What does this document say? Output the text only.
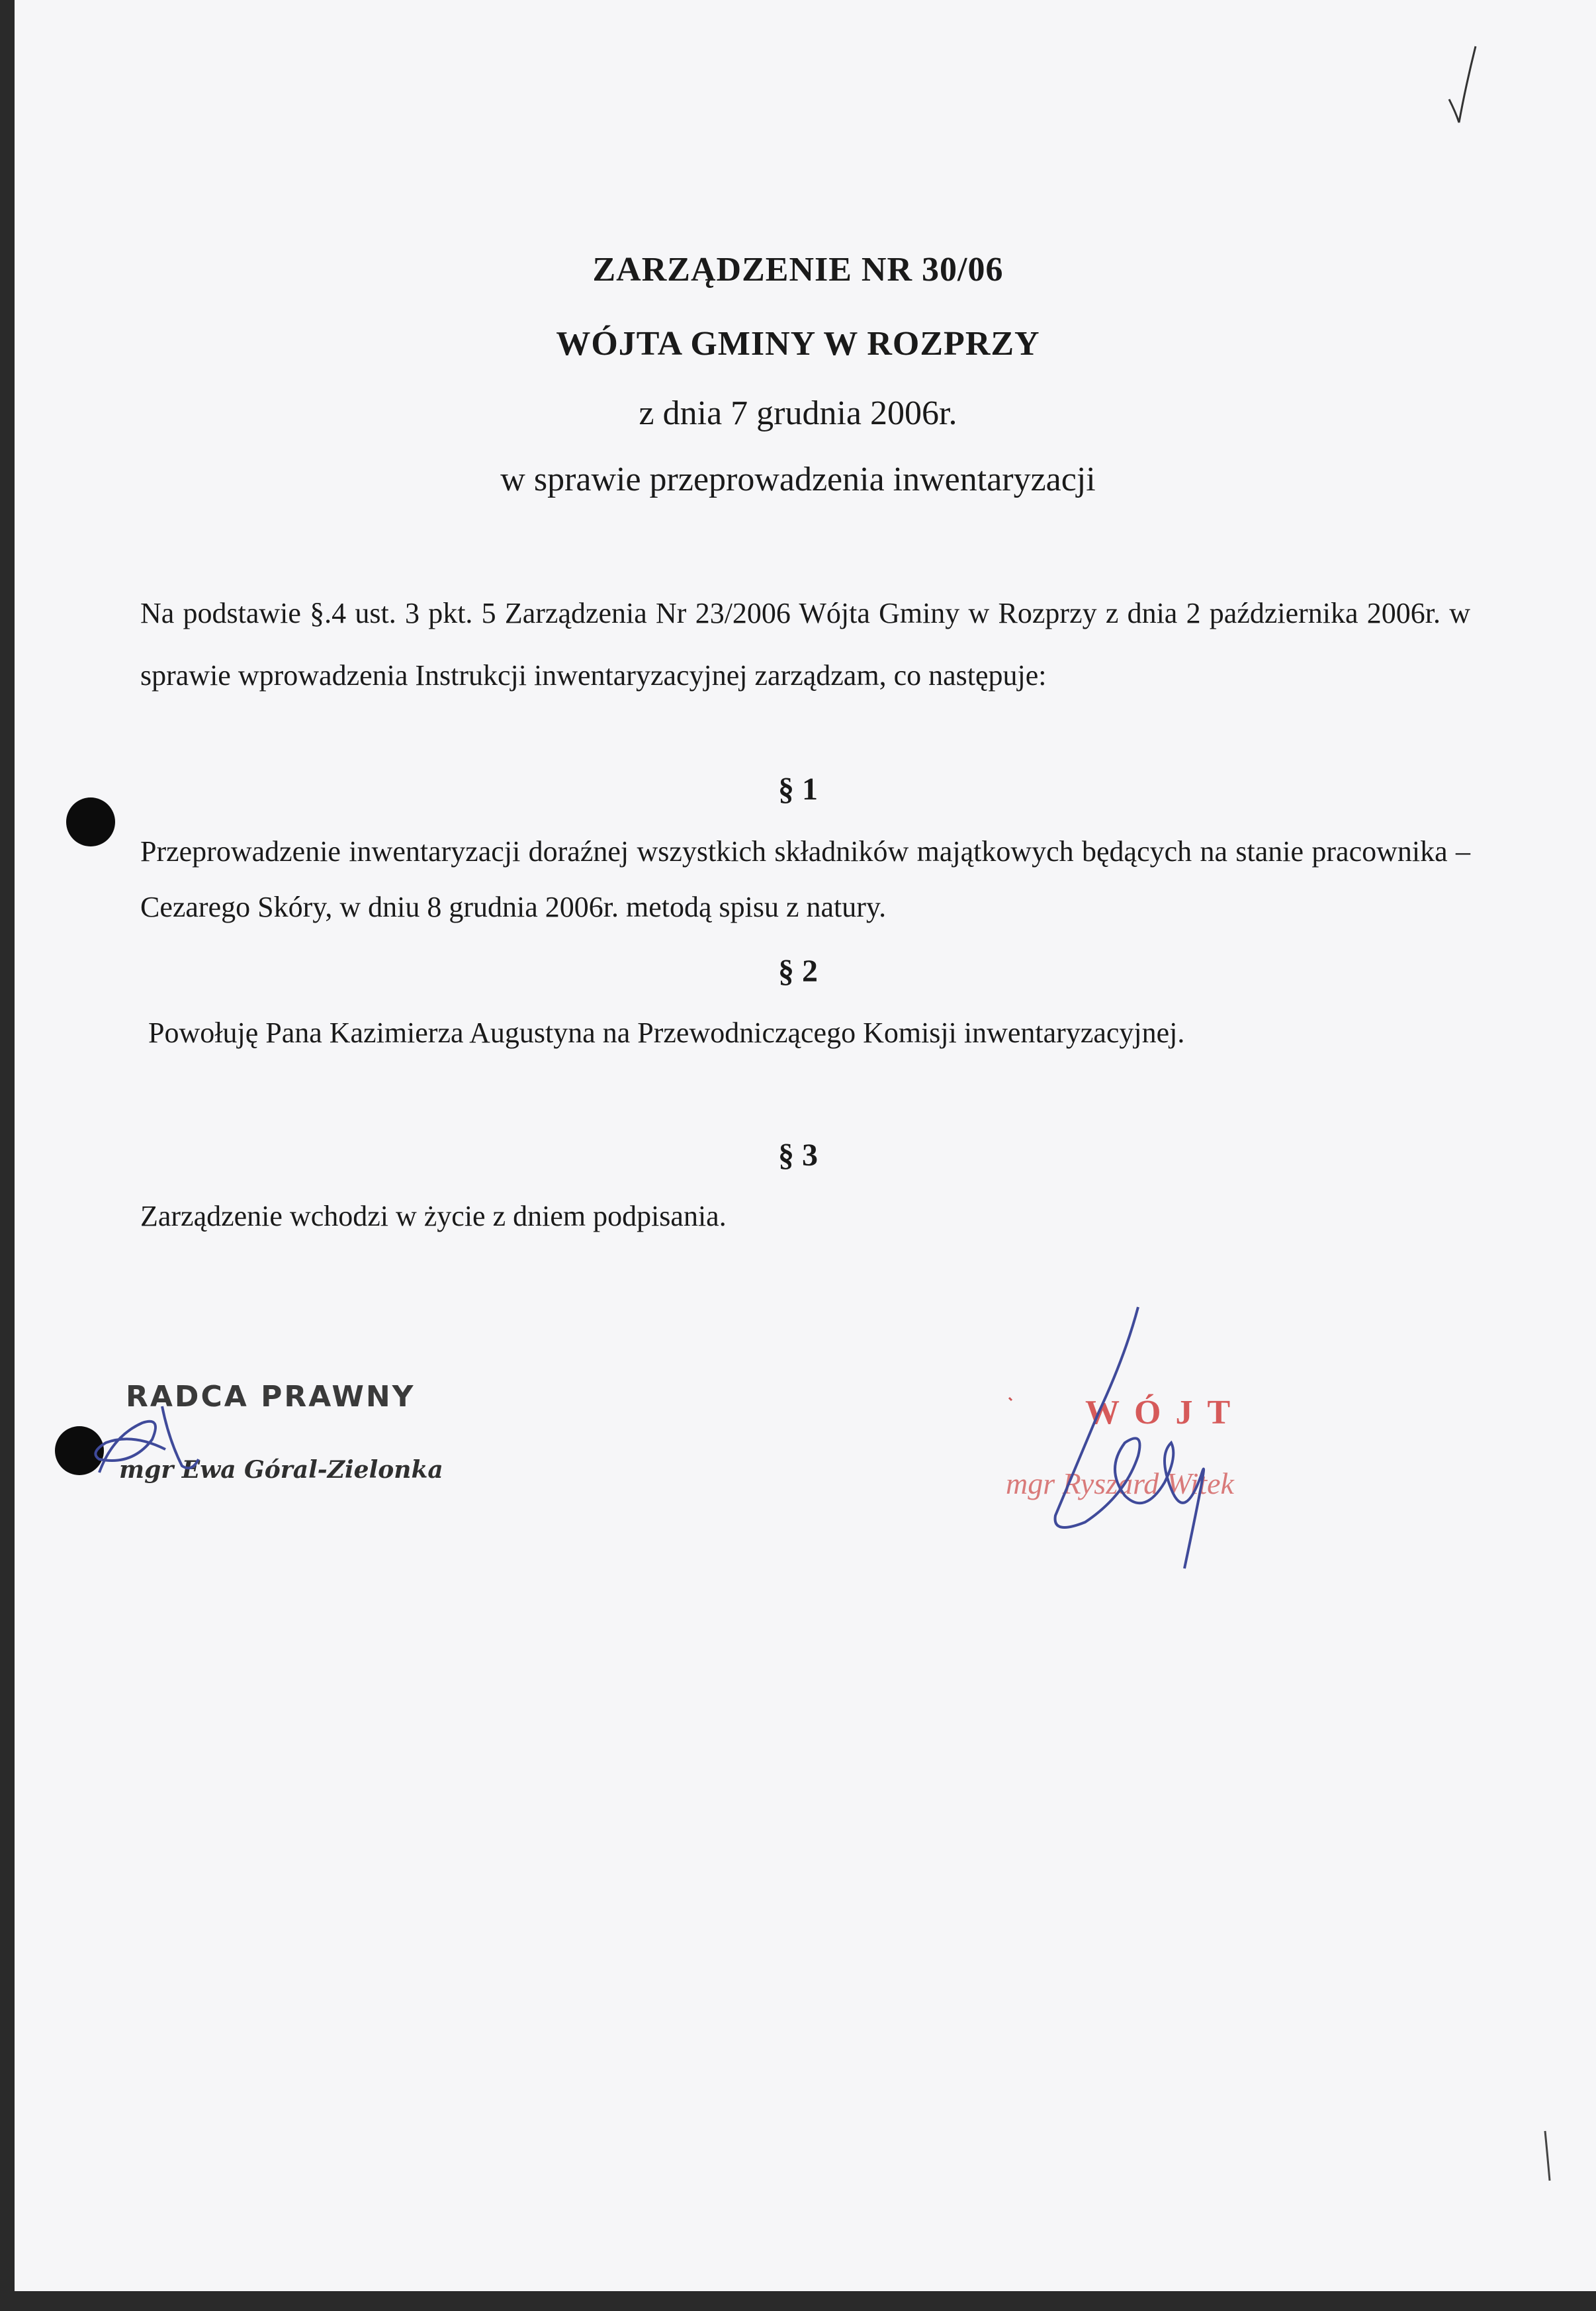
ZARZĄDZENIE NR 30/06
WÓJTA GMINY W ROZPRZY
z dnia 7 grudnia 2006r.
w sprawie przeprowadzenia inwentaryzacji
Na podstawie §.4 ust. 3 pkt. 5 Zarządzenia Nr 23/2006 Wójta Gminy w Rozprzy z dnia 2 października 2006r. w sprawie wprowadzenia Instrukcji inwentaryzacyjnej zarządzam, co następuje:
§ 1
Przeprowadzenie inwentaryzacji doraźnej wszystkich składników majątkowych będących na stanie pracownika – Cezarego Skóry, w dniu 8 grudnia 2006r. metodą spisu z natury.
§ 2
Powołuję Pana Kazimierza Augustyna na Przewodniczącego Komisji inwentaryzacyjnej.
§ 3
Zarządzenie wchodzi w życie z dniem podpisania.
RADCA PRAWNY
mgr Ewa Góral-Zielonka
WÓJT
mgr Ryszard Witek
